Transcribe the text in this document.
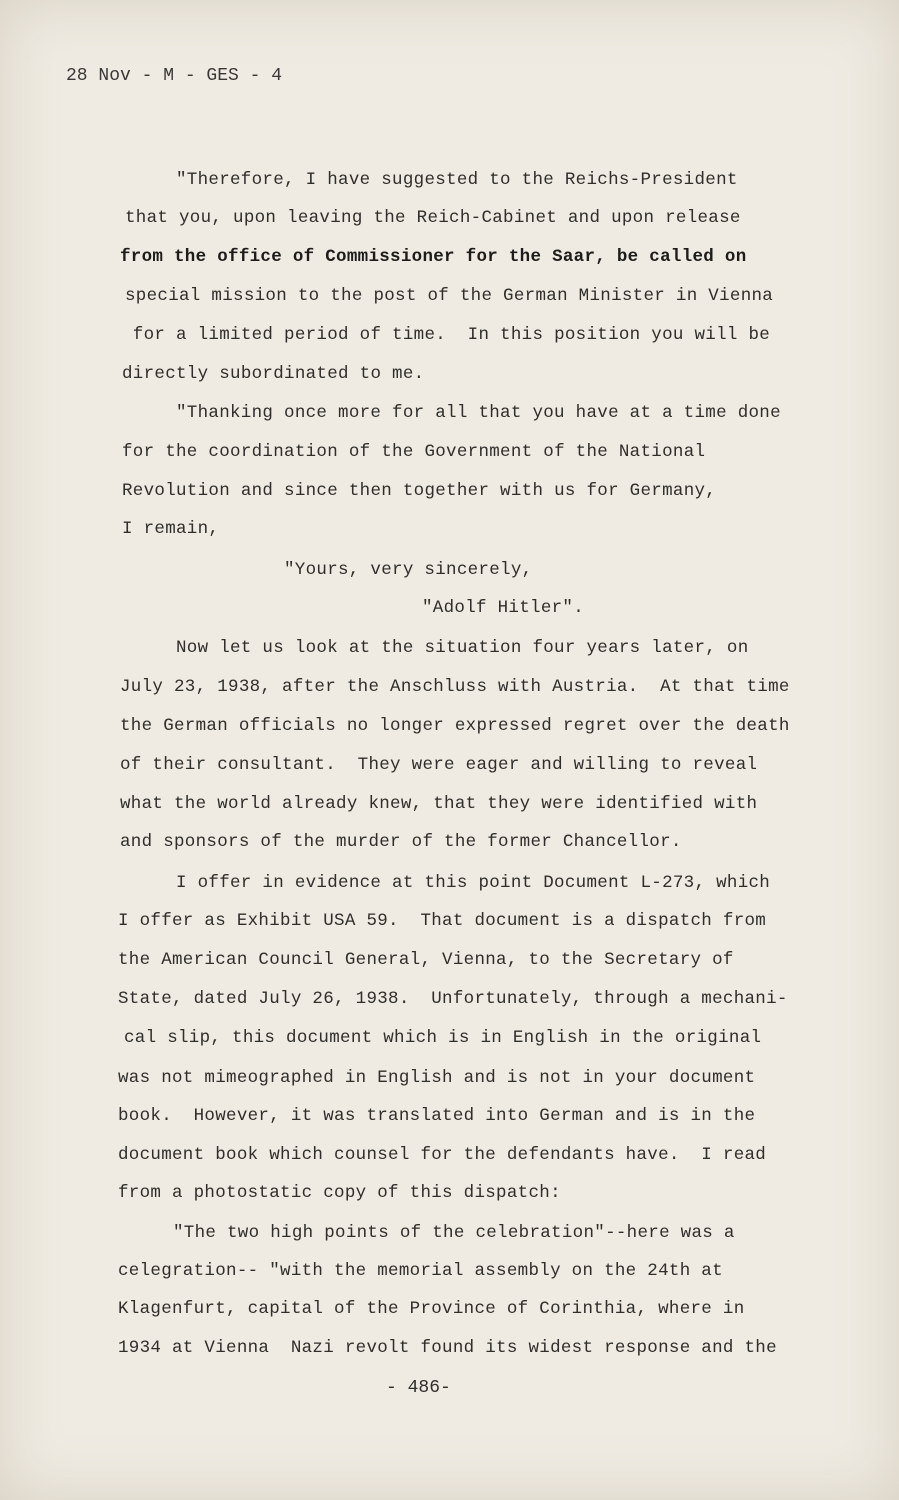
28 Nov - M - GES - 4
"Therefore, I have suggested to the Reichs-President
that you, upon leaving the Reich-Cabinet and upon release
from the office of Commissioner for the Saar, be called on
special mission to the post of the German Minister in Vienna
for a limited period of time.  In this position you will be
directly subordinated to me.
"Thanking once more for all that you have at a time done
for the coordination of the Government of the National
Revolution and since then together with us for Germany,
I remain,
"Yours, very sincerely,
"Adolf Hitler".
Now let us look at the situation four years later, on
July 23, 1938, after the Anschluss with Austria.  At that time
the German officials no longer expressed regret over the death
of their consultant.  They were eager and willing to reveal
what the world already knew, that they were identified with
and sponsors of the murder of the former Chancellor.
I offer in evidence at this point Document L-273, which
I offer as Exhibit USA 59.  That document is a dispatch from
the American Council General, Vienna, to the Secretary of
State, dated July 26, 1938.  Unfortunately, through a mechani-
cal slip, this document which is in English in the original
was not mimeographed in English and is not in your document
book.  However, it was translated into German and is in the
document book which counsel for the defendants have.  I read
from a photostatic copy of this dispatch:
"The two high points of the celebration"--here was a
celegration-- "with the memorial assembly on the 24th at
Klagenfurt, capital of the Province of Corinthia, where in
1934 at Vienna  Nazi revolt found its widest response and the
- 486-
